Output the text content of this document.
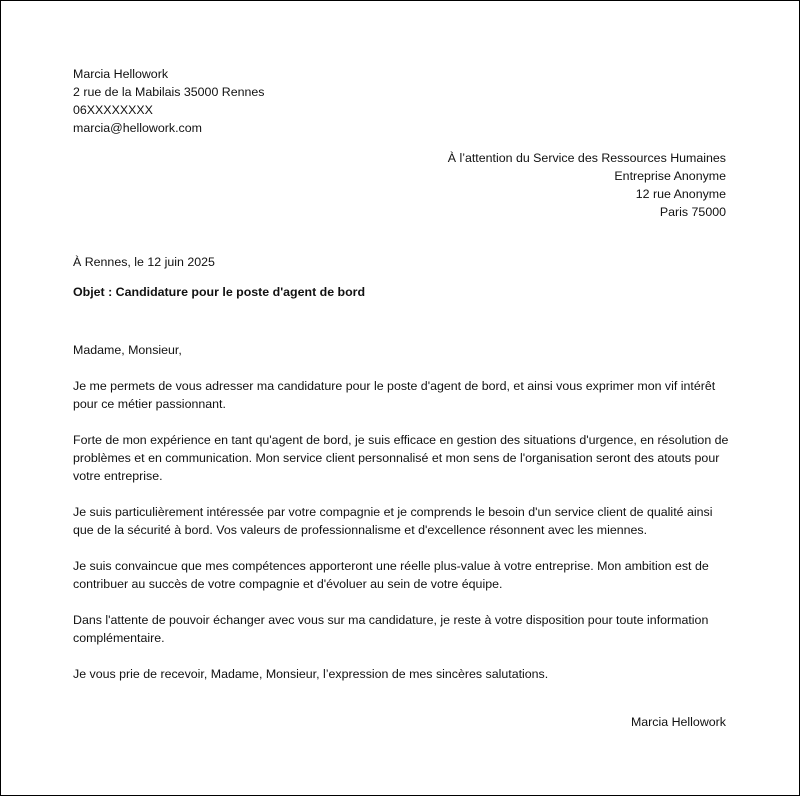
Marcia Hellowork
2 rue de la Mabilais 35000 Rennes
06XXXXXXXX
marcia@hellowork.com
À l’attention du Service des Ressources Humaines
Entreprise Anonyme
12 rue Anonyme
Paris 75000
À Rennes, le 12 juin 2025
Objet : Candidature pour le poste d'agent de bord

Madame, Monsieur,

Je me permets de vous adresser ma candidature pour le poste d'agent de bord, et ainsi vous exprimer mon vif intérêt pour ce métier passionnant.

Forte de mon expérience en tant qu'agent de bord, je suis efficace en gestion des situations d'urgence, en résolution de problèmes et en communication. Mon service client personnalisé et mon sens de l'organisation seront des atouts pour votre entreprise.

Je suis particulièrement intéressée par votre compagnie et je comprends le besoin d'un service client de qualité ainsi que de la sécurité à bord. Vos valeurs de professionnalisme et d'excellence résonnent avec les miennes.

Je suis convaincue que mes compétences apporteront une réelle plus-value à votre entreprise. Mon ambition est de contribuer au succès de votre compagnie et d'évoluer au sein de votre équipe.

Dans l'attente de pouvoir échanger avec vous sur ma candidature, je reste à votre disposition pour toute information complémentaire.

Je vous prie de recevoir, Madame, Monsieur, l’expression de mes sincères salutations.

Marcia Hellowork
